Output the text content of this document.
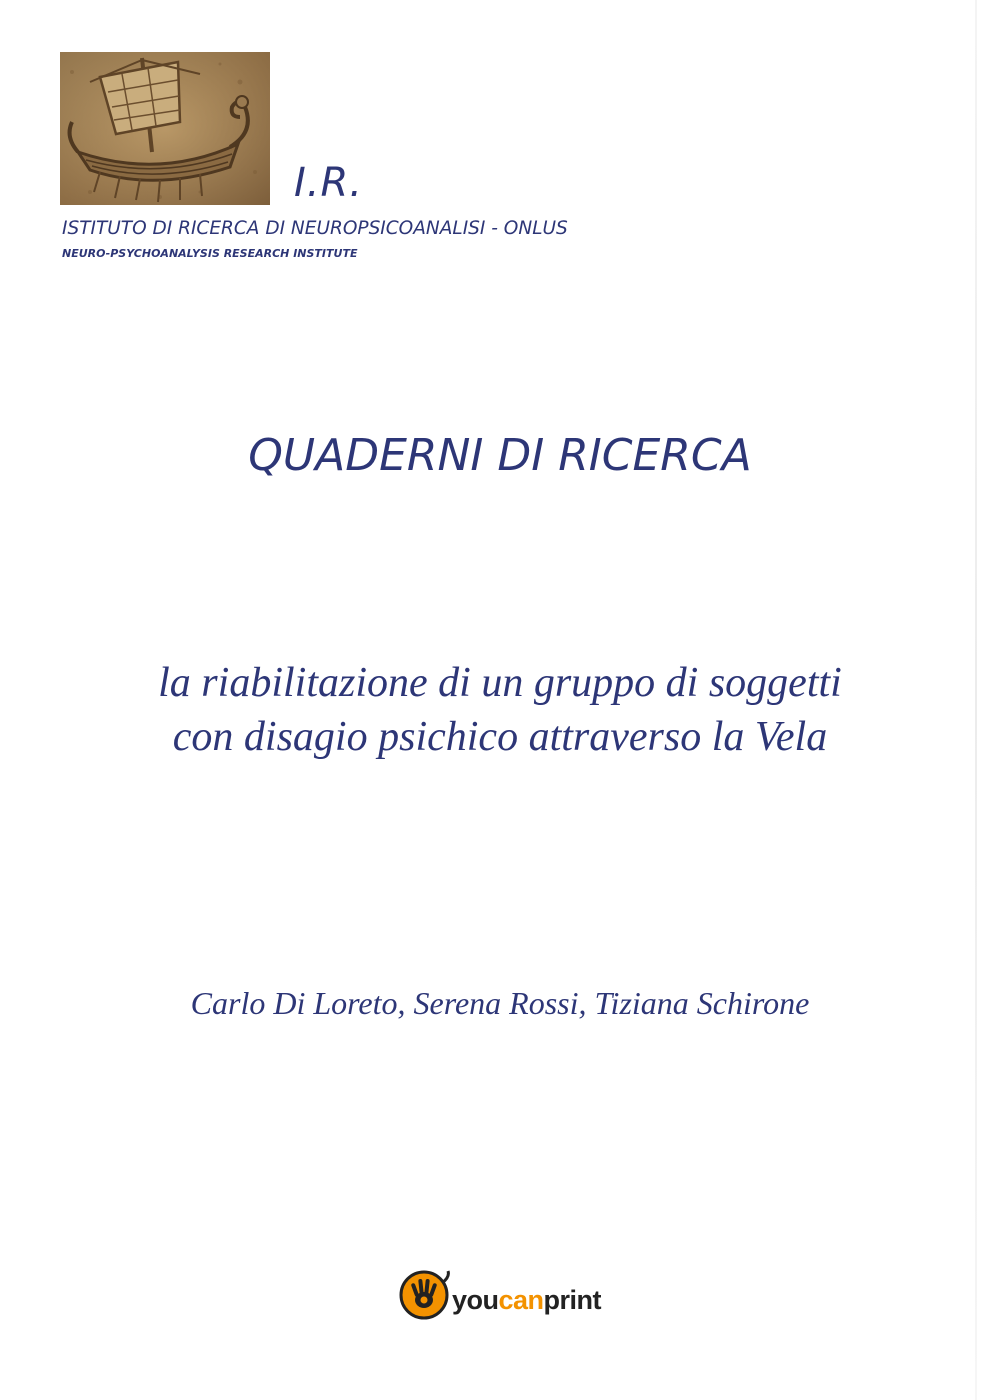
I.R.
ISTITUTO DI RICERCA DI NEUROPSICOANALISI - ONLUS
NEURO-PSYCHOANALYSIS RESEARCH INSTITUTE
QUADERNI DI RICERCA
la riabilitazione di un gruppo di soggetti
con disagio psichico attraverso la Vela
Carlo Di Loreto, Serena Rossi, Tiziana Schirone
youcanprint
